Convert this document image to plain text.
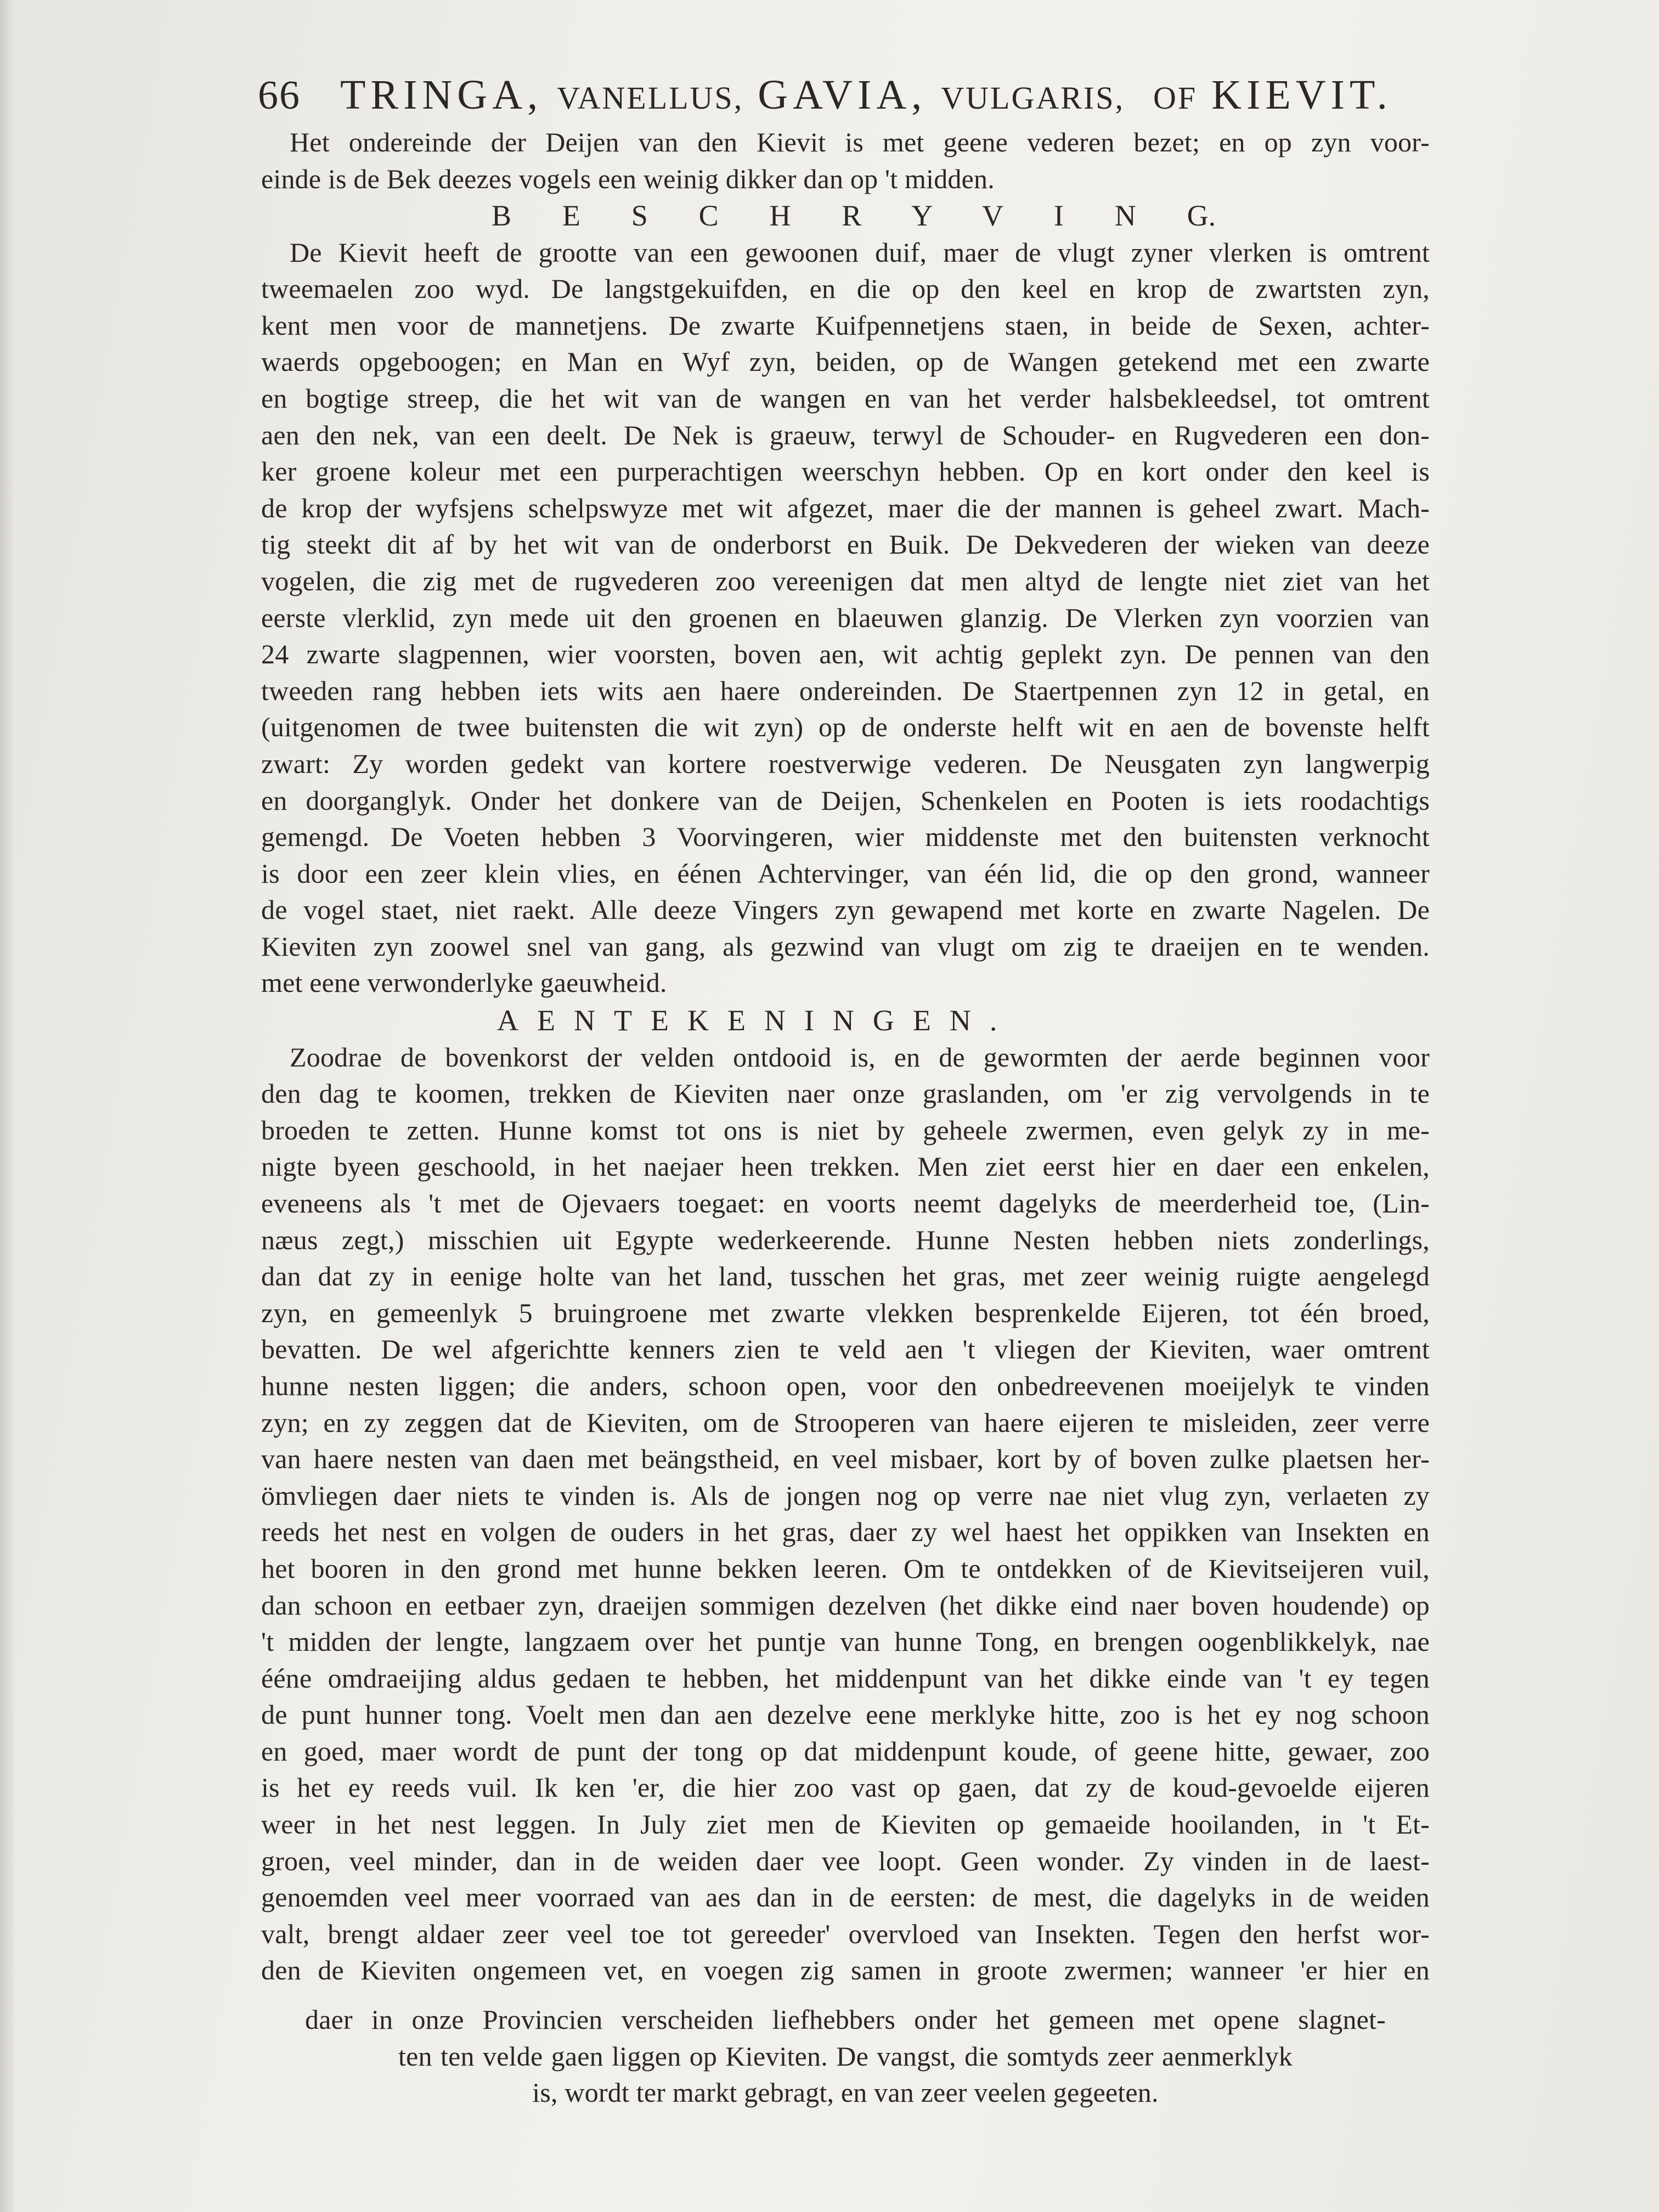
66 TRINGA, VANELLUS, GAVIA, VULGARIS, OF KIEVIT.

Het ondereinde der Deijen van den Kievit is met geene vederen bezet; en op zyn voor-

einde is de Bek deezes vogels een weinig dikker dan op 't midden.

B E S C H R Y V I N G.

De Kievit heeft de grootte van een gewoonen duif, maer de vlugt zyner vlerken is omtrent

tweemaelen zoo wyd. De langstgekuifden, en die op den keel en krop de zwartsten zyn,

kent men voor de mannetjens. De zwarte Kuifpennetjens staen, in beide de Sexen, achter-

waerds opgeboogen; en Man en Wyf zyn, beiden, op de Wangen getekend met een zwarte

en bogtige streep, die het wit van de wangen en van het verder halsbekleedsel, tot omtrent

aen den nek, van een deelt. De Nek is graeuw, terwyl de Schouder- en Rugvederen een don-

ker groene koleur met een purperachtigen weerschyn hebben. Op en kort onder den keel is

de krop der wyfsjens schelpswyze met wit afgezet, maer die der mannen is geheel zwart. Mach-

tig steekt dit af by het wit van de onderborst en Buik. De Dekvederen der wieken van deeze

vogelen, die zig met de rugvederen zoo vereenigen dat men altyd de lengte niet ziet van het

eerste vlerklid, zyn mede uit den groenen en blaeuwen glanzig. De Vlerken zyn voorzien van

24 zwarte slagpennen, wier voorsten, boven aen, wit achtig geplekt zyn. De pennen van den

tweeden rang hebben iets wits aen haere ondereinden. De Staertpennen zyn 12 in getal, en

(uitgenomen de twee buitensten die wit zyn) op de onderste helft wit en aen de bovenste helft

zwart: Zy worden gedekt van kortere roestverwige vederen. De Neusgaten zyn langwerpig

en doorganglyk. Onder het donkere van de Deijen, Schenkelen en Pooten is iets roodachtigs

gemengd. De Voeten hebben 3 Voorvingeren, wier middenste met den buitensten verknocht

is door een zeer klein vlies, en éénen Achtervinger, van één lid, die op den grond, wanneer

de vogel staet, niet raekt. Alle deeze Vingers zyn gewapend met korte en zwarte Nagelen. De

Kieviten zyn zoowel snel van gang, als gezwind van vlugt om zig te draeijen en te wenden.

met eene verwonderlyke gaeuwheid.

AENTEKENINGEN.

Zoodrae de bovenkorst der velden ontdooid is, en de gewormten der aerde beginnen voor

den dag te koomen, trekken de Kieviten naer onze graslanden, om 'er zig vervolgends in te

broeden te zetten. Hunne komst tot ons is niet by geheele zwermen, even gelyk zy in me-

nigte byeen geschoold, in het naejaer heen trekken. Men ziet eerst hier en daer een enkelen,

eveneens als 't met de Ojevaers toegaet: en voorts neemt dagelyks de meerderheid toe, (Lin-

næus zegt,) misschien uit Egypte wederkeerende. Hunne Nesten hebben niets zonderlings,

dan dat zy in eenige holte van het land, tusschen het gras, met zeer weinig ruigte aengelegd

zyn, en gemeenlyk 5 bruingroene met zwarte vlekken besprenkelde Eijeren, tot één broed,

bevatten. De wel afgerichtte kenners zien te veld aen 't vliegen der Kieviten, waer omtrent

hunne nesten liggen; die anders, schoon open, voor den onbedreevenen moeijelyk te vinden

zyn; en zy zeggen dat de Kieviten, om de Strooperen van haere eijeren te misleiden, zeer verre

van haere nesten van daen met beängstheid, en veel misbaer, kort by of boven zulke plaetsen her-

ömvliegen daer niets te vinden is. Als de jongen nog op verre nae niet vlug zyn, verlaeten zy

reeds het nest en volgen de ouders in het gras, daer zy wel haest het oppikken van Insekten en

het booren in den grond met hunne bekken leeren. Om te ontdekken of de Kievitseijeren vuil,

dan schoon en eetbaer zyn, draeijen sommigen dezelven (het dikke eind naer boven houdende) op

't midden der lengte, langzaem over het puntje van hunne Tong, en brengen oogenblikkelyk, nae

ééne omdraeijing aldus gedaen te hebben, het middenpunt van het dikke einde van 't ey tegen

de punt hunner tong. Voelt men dan aen dezelve eene merklyke hitte, zoo is het ey nog schoon

en goed, maer wordt de punt der tong op dat middenpunt koude, of geene hitte, gewaer, zoo

is het ey reeds vuil. Ik ken 'er, die hier zoo vast op gaen, dat zy de koud-gevoelde eijeren

weer in het nest leggen. In July ziet men de Kieviten op gemaeide hooilanden, in 't Et-

groen, veel minder, dan in de weiden daer vee loopt. Geen wonder. Zy vinden in de laest-

genoemden veel meer voorraed van aes dan in de eersten: de mest, die dagelyks in de weiden

valt, brengt aldaer zeer veel toe tot gereeder' overvloed van Insekten. Tegen den herfst wor-

den de Kieviten ongemeen vet, en voegen zig samen in groote zwermen; wanneer 'er hier en

daer in onze Provincien verscheiden liefhebbers onder het gemeen met opene slagnet-

ten ten velde gaen liggen op Kieviten. De vangst, die somtyds zeer aenmerklyk

is, wordt ter markt gebragt, en van zeer veelen gegeeten.
